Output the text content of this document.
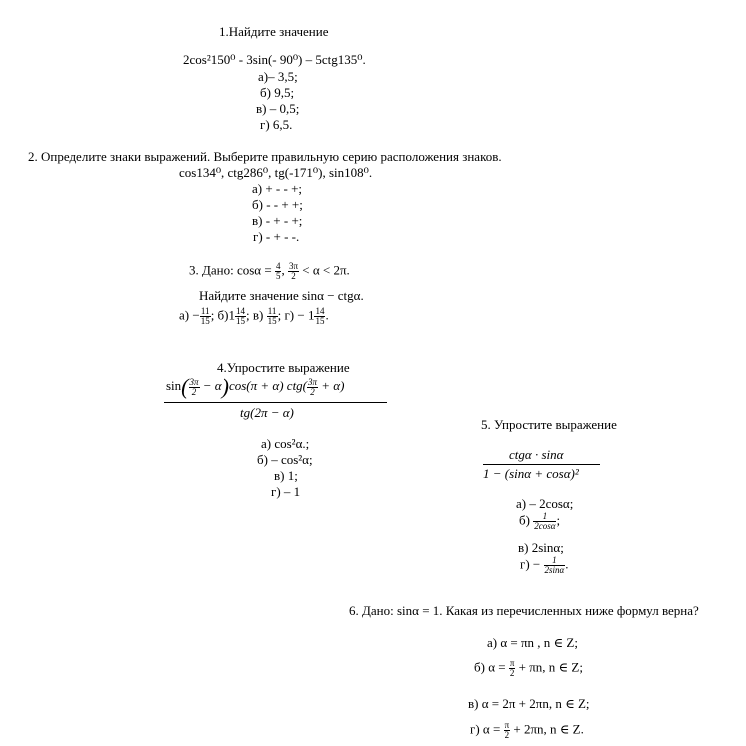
1.Найдите значение
2cos²150⁰ - 3sin(- 90⁰) – 5ctg135⁰.
а)– 3,5;
б) 9,5;
в) – 0,5;
г) 6,5.
2. Определите знаки выражений. Выберите правильную серию расположения знаков.
cos134⁰, ctg286⁰, tg(-171⁰), sin108⁰.
а) + - - +;
б) - - + +;
в) - + - +;
г) - + - -.
3. Дано: $\cos\alpha = \frac{4}{5}$ , $\frac{3\pi}{2} < \alpha < 2\pi$.
Найдите значение sinα − ctgα.
$а) - \frac{11}{15}$ ; $б)1 \frac{14}{15}$ ; $в) \frac{11}{15}$ ; $г) - 1 \frac{14}{15}$ .
4.Упростите выражение
$\sin( \frac{3\pi}{2} - \alpha)\cos(\pi + \alpha)$ $ctg( \frac{3\pi}{2} + \alpha)$
tg(2π − α)
а) cos²α.;
б) – cos²α;
в) 1;
г) – 1
5. Упростите выражение
ctgα · sinα
1 − (sinα + cosα)²
а) – 2cosα;
$б) \frac{1}{2\cos\alpha}$ ;
в) 2sinα;
$г) - \frac{1}{2\sin\alpha}$ .
6. Дано: sinα = 1. Какая из перечисленных ниже формул верна?
а) α = πn , n ∈ Z;
б) $\alpha = \frac{\pi}{2} + \pi n$, n ∈ Z;
в) α = 2π + 2πn, n ∈ Z;
г) $\alpha = \frac{\pi}{2} + 2\pi n$, n ∈ Z.
